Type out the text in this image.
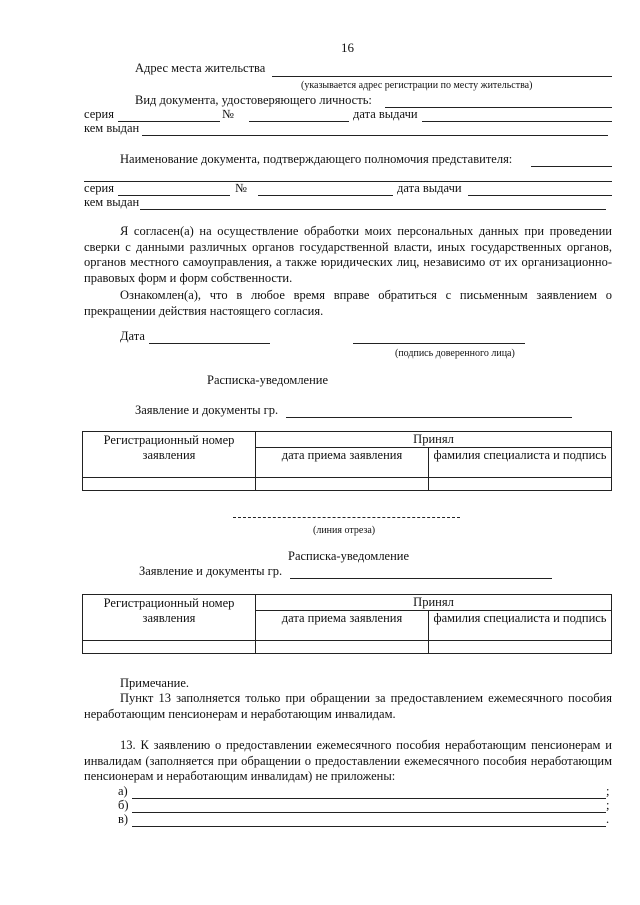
16
Адрес места жительства
(указывается адрес регистрации по месту жительства)
Вид документа, удостоверяющего личность:
серия	№	дата выдачи
кем выдан
Наименование документа, подтверждающего полномочия представителя:
серия	№	дата выдачи
кем выдан
Я согласен(а) на осуществление обработки моих персональных данных при проведении сверки с данными различных органов государственной власти, иных государственных органов, органов местного самоуправления, а также юридических лиц, независимо от их организационно-правовых форм и форм собственности.
Ознакомлен(а), что в любое время вправе обратиться с письменным заявлением о прекращении действия настоящего согласия.
Дата
(подпись доверенного лица)
Расписка-уведомление
Заявление и документы гр.
Регистрационный номер заявления	Принял	
	дата приема заявления	фамилия специалиста и подпись

(линия отреза)
Расписка-уведомление
Заявление и документы гр.
Регистрационный номер заявления	Принял	
	дата приема заявления	фамилия специалиста и подпись

Примечание.
Пункт 13 заполняется только при обращении за предоставлением ежемесячного пособия неработающим пенсионерам и неработающим инвалидам.
13. К заявлению о предоставлении ежемесячного пособия неработающим пенсионерам и инвалидам (заполняется при обращении о предоставлении ежемесячного пособия неработающим пенсионерам и неработающим инвалидам) не приложены:
а)	;
б)	;
в)	.
